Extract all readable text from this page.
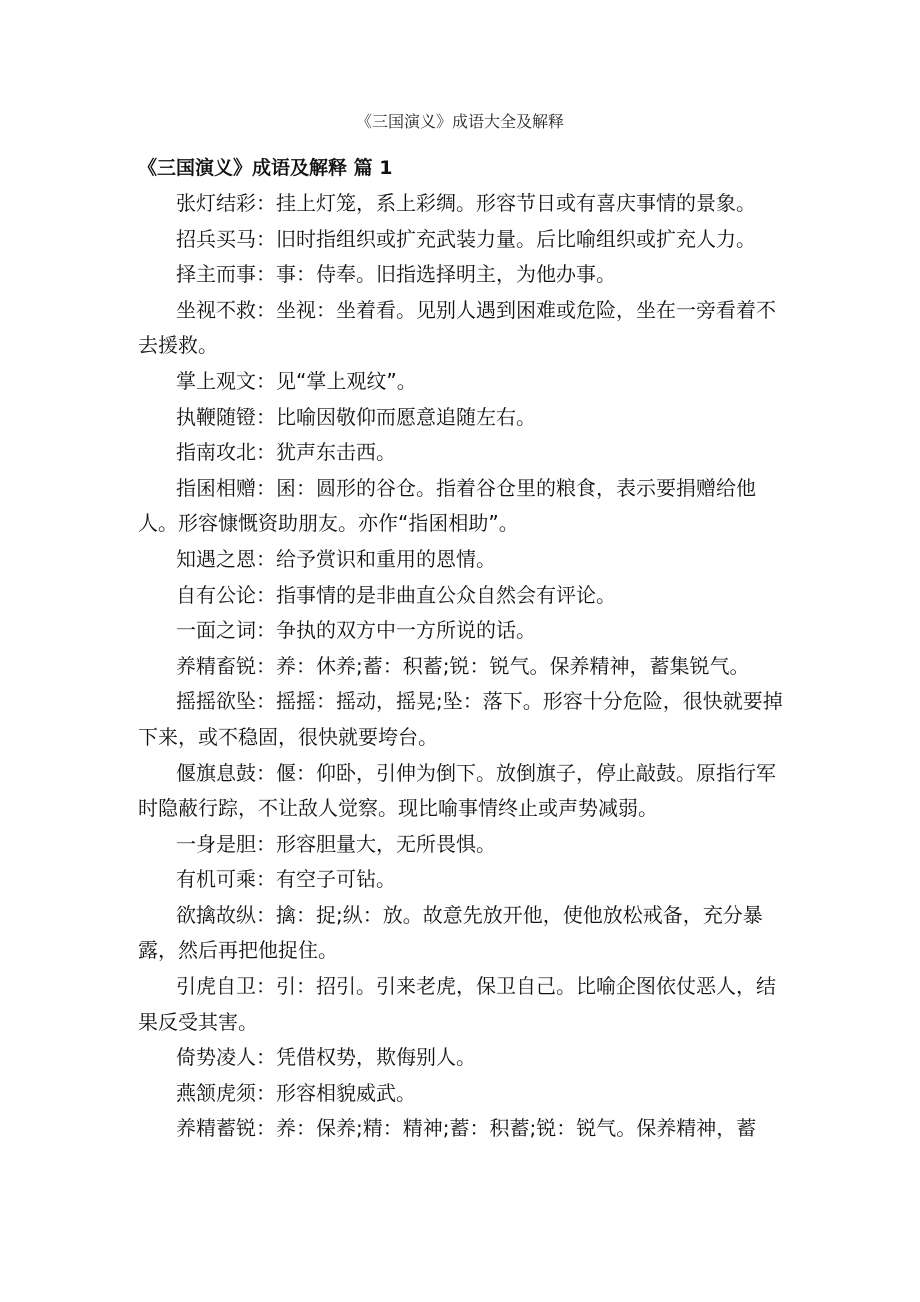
《三国演义》成语大全及解释
《三国演义》成语及解释 篇 1

张灯结彩：挂上灯笼，系上彩绸。形容节日或有喜庆事情的景象。

招兵买马：旧时指组织或扩充武装力量。后比喻组织或扩充人力。

择主而事：事：侍奉。旧指选择明主，为他办事。

坐视不救：坐视：坐着看。见别人遇到困难或危险，坐在一旁看着不去援救。

掌上观文：见“掌上观纹”。

执鞭随镫：比喻因敬仰而愿意追随左右。

指南攻北：犹声东击西。

指囷相赠：囷：圆形的谷仓。指着谷仓里的粮食，表示要捐赠给他人。形容慷慨资助朋友。亦作“指囷相助”。

知遇之恩：给予赏识和重用的恩情。

自有公论：指事情的是非曲直公众自然会有评论。

一面之词：争执的双方中一方所说的话。

养精畜锐：养：休养;蓄：积蓄;锐：锐气。保养精神，蓄集锐气。

摇摇欲坠：摇摇：摇动，摇晃;坠：落下。形容十分危险，很快就要掉下来，或不稳固，很快就要垮台。

偃旗息鼓：偃：仰卧，引伸为倒下。放倒旗子，停止敲鼓。原指行军时隐蔽行踪，不让敌人觉察。现比喻事情终止或声势减弱。

一身是胆：形容胆量大，无所畏惧。

有机可乘：有空子可钻。

欲擒故纵：擒：捉;纵：放。故意先放开他，使他放松戒备，充分暴露，然后再把他捉住。

引虎自卫：引：招引。引来老虎，保卫自己。比喻企图依仗恶人，结果反受其害。

倚势凌人：凭借权势，欺侮别人。

燕颔虎须：形容相貌威武。

养精蓄锐：养：保养;精：精神;蓄：积蓄;锐：锐气。保养精神，蓄
